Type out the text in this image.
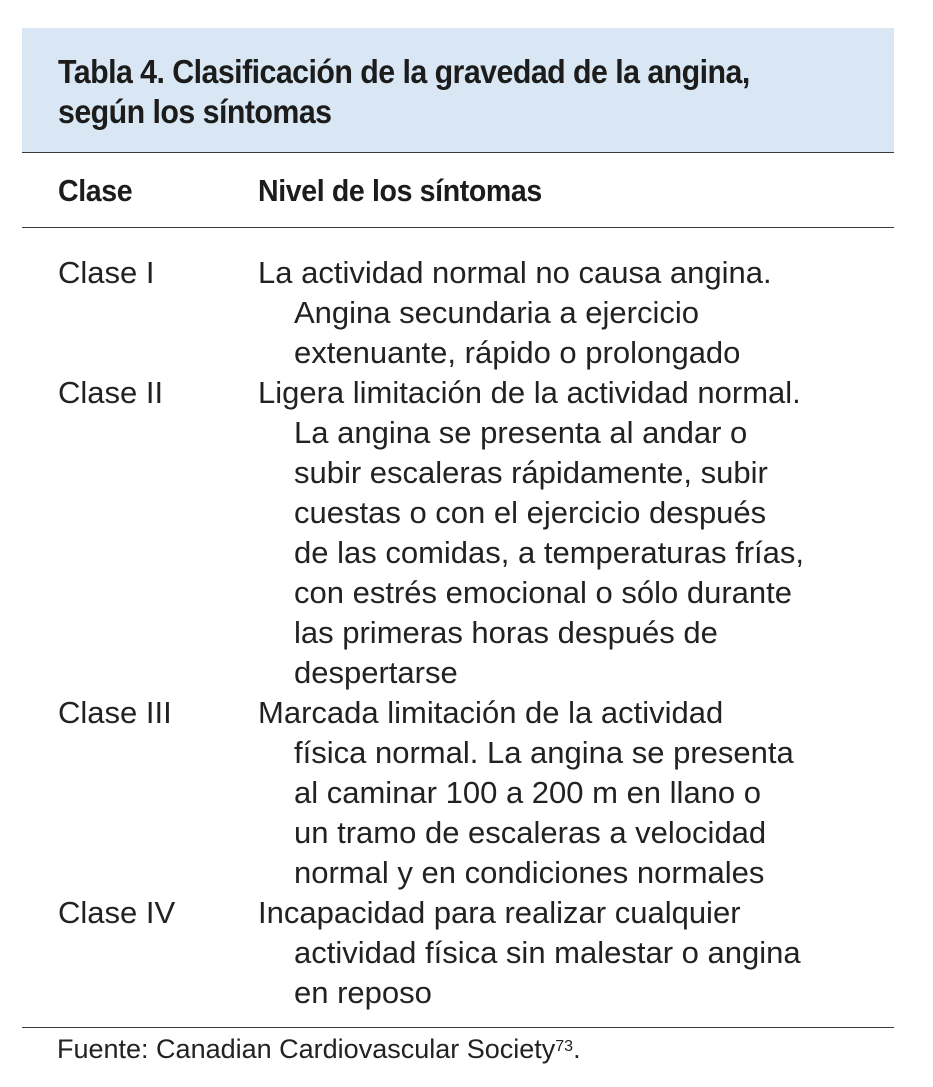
Tabla 4. Clasificación de la gravedad de la angina,
según los síntomas
Clase	Nivel de los síntomas
Clase I	La actividad normal no causa angina.
Angina secundaria a ejercicio
extenuante, rápido o prolongado
Clase II	Ligera limitación de la actividad normal.
La angina se presenta al andar o
subir escaleras rápidamente, subir
cuestas o con el ejercicio después
de las comidas, a temperaturas frías,
con estrés emocional o sólo durante
las primeras horas después de
despertarse
Clase III	Marcada limitación de la actividad
física normal. La angina se presenta
al caminar 100 a 200 m en llano o
un tramo de escaleras a velocidad
normal y en condiciones normales
Clase IV	Incapacidad para realizar cualquier
actividad física sin malestar o angina
en reposo
Fuente: Canadian Cardiovascular Society$^{73}$.
